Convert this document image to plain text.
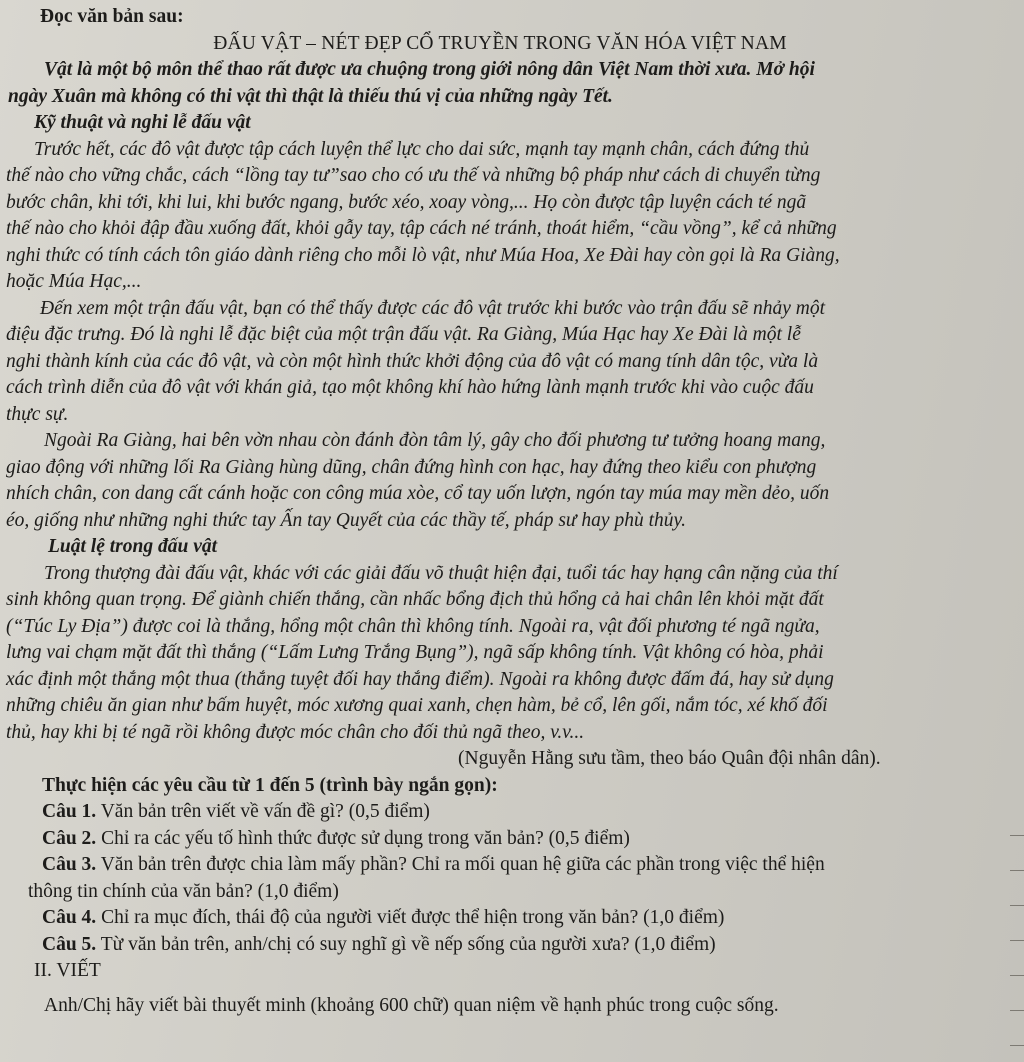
Đọc văn bản sau:
ĐẤU VẬT – NÉT ĐẸP CỔ TRUYỀN TRONG VĂN HÓA VIỆT NAM
Vật là một bộ môn thể thao rất được ưa chuộng trong giới nông dân Việt Nam thời xưa. Mở hội
ngày Xuân mà không có thi vật thì thật là thiếu thú vị của những ngày Tết.
Kỹ thuật và nghi lễ đấu vật
Trước hết, các đô vật được tập cách luyện thể lực cho dai sức, mạnh tay mạnh chân, cách đứng thủ
thế nào cho vững chắc, cách “lồng tay tư”sao cho có ưu thế và những bộ pháp như cách di chuyển từng
bước chân, khi tới, khi lui, khi bước ngang, bước xéo, xoay vòng,... Họ còn được tập luyện cách té ngã
thế nào cho khỏi đập đầu xuống đất, khỏi gẫy tay, tập cách né tránh, thoát hiểm, “cầu vồng”, kể cả những
nghi thức có tính cách tôn giáo dành riêng cho mỗi lò vật, như Múa Hoa, Xe Đài hay còn gọi là Ra Giàng,
hoặc Múa Hạc,...
Đến xem một trận đấu vật, bạn có thể thấy được các đô vật trước khi bước vào trận đấu sẽ nhảy một
điệu đặc trưng. Đó là nghi lễ đặc biệt của một trận đấu vật. Ra Giàng, Múa Hạc hay Xe Đài là một lễ
nghi thành kính của các đô vật, và còn một hình thức khởi động của đô vật có mang tính dân tộc, vừa là
cách trình diễn của đô vật với khán giả, tạo một không khí hào hứng lành mạnh trước khi vào cuộc đấu
thực sự.
Ngoài Ra Giàng, hai bên vờn nhau còn đánh đòn tâm lý, gây cho đối phương tư tưởng hoang mang,
giao động với những lối Ra Giàng hùng dũng, chân đứng hình con hạc, hay đứng theo kiểu con phượng
nhích chân, con dang cất cánh hoặc con công múa xòe, cổ tay uốn lượn, ngón tay múa may mền dẻo, uốn
éo, giống như những nghi thức tay Ấn tay Quyết của các thầy tế, pháp sư hay phù thủy.
Luật lệ trong đấu vật
Trong thượng đài đấu vật, khác với các giải đấu võ thuật hiện đại, tuổi tác hay hạng cân nặng của thí
sinh không quan trọng. Để giành chiến thắng, cần nhấc bổng địch thủ hổng cả hai chân lên khỏi mặt đất
(“Túc Ly Địa”) được coi là thắng, hổng một chân thì không tính. Ngoài ra, vật đối phương té ngã ngửa,
lưng vai chạm mặt đất thì thắng (“Lấm Lưng Trắng Bụng”), ngã sấp không tính. Vật không có hòa, phải
xác định một thắng một thua (thắng tuyệt đối hay thắng điểm). Ngoài ra không được đấm đá, hay sử dụng
những chiêu ăn gian như bấm huyệt, móc xương quai xanh, chẹn hàm, bẻ cổ, lên gối, nắm tóc, xé khố đối
thủ, hay khi bị té ngã rồi không được móc chân cho đối thủ ngã theo, v.v...
(Nguyễn Hằng sưu tầm, theo báo Quân đội nhân dân).
Thực hiện các yêu cầu từ 1 đến 5 (trình bày ngắn gọn):
Câu 1. Văn bản trên viết về vấn đề gì? (0,5 điểm)
Câu 2. Chỉ ra các yếu tố hình thức được sử dụng trong văn bản? (0,5 điểm)
Câu 3. Văn bản trên được chia làm mấy phần? Chỉ ra mối quan hệ giữa các phần trong việc thể hiện
thông tin chính của văn bản? (1,0 điểm)
Câu 4. Chỉ ra mục đích, thái độ của người viết được thể hiện trong văn bản? (1,0 điểm)
Câu 5. Từ văn bản trên, anh/chị có suy nghĩ gì về nếp sống của người xưa? (1,0 điểm)
II. VIẾT
Anh/Chị hãy viết bài thuyết minh (khoảng 600 chữ) quan niệm về hạnh phúc trong cuộc sống.
